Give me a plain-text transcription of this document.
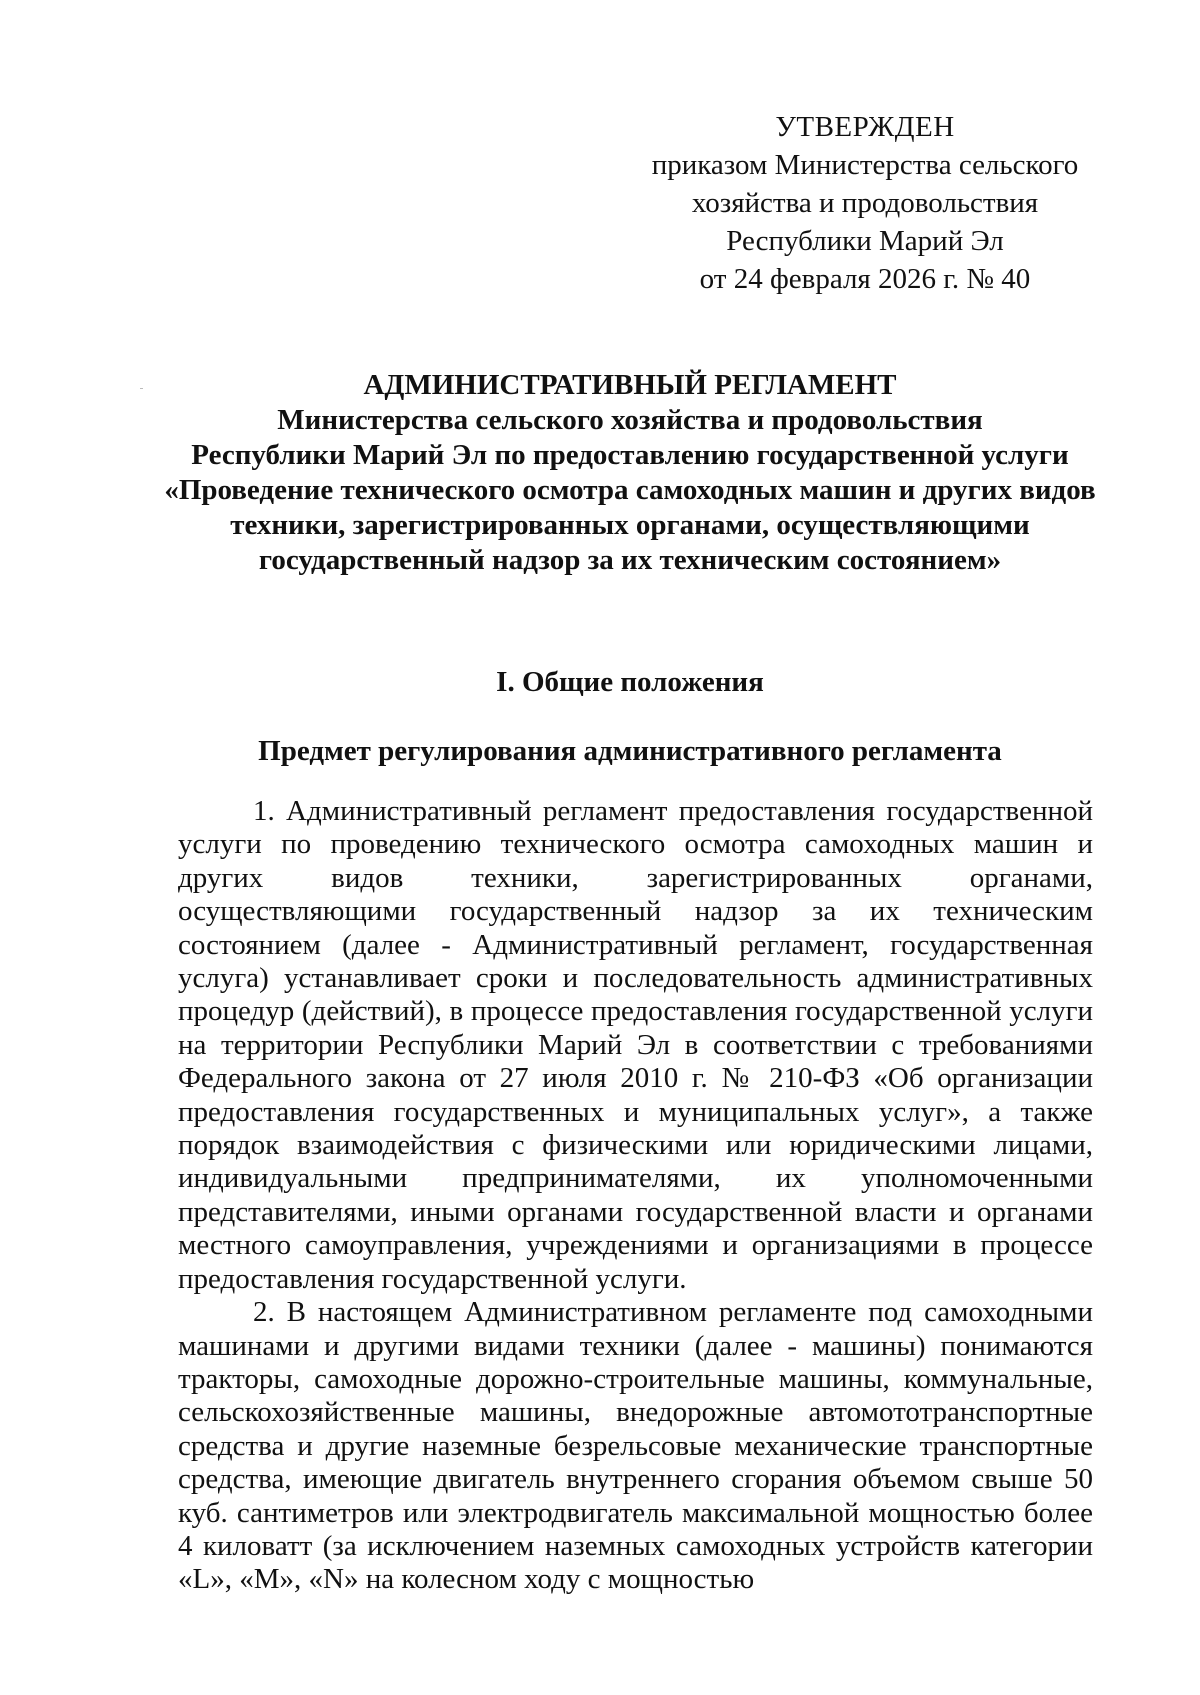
УТВЕРЖДЕН
приказом Министерства сельского
хозяйства и продовольствия
Республики Марий Эл
от 24 февраля 2026 г. № 40
АДМИНИСТРАТИВНЫЙ РЕГЛАМЕНТ
Министерства сельского хозяйства и продовольствия
Республики Марий Эл по предоставлению государственной услуги
«Проведение технического осмотра самоходных машин и других видов
техники, зарегистрированных органами, осуществляющими
государственный надзор за их техническим состоянием»
I. Общие положения
Предмет регулирования административного регламента

1. Административный регламент предоставления государственной услуги по проведению технического осмотра самоходных машин и других видов техники, зарегистрированных органами, осуществляющими государственный надзор за их техническим состоянием (далее - Административный регламент, государственная услуга) устанавливает сроки и последовательность административных процедур (действий), в процессе предоставления государственной услуги на территории Республики Марий Эл в соответствии с требованиями Федерального закона от 27 июля 2010 г. № 210-ФЗ «Об организации предоставления государственных и муниципальных услуг», а также порядок взаимодействия с физическими или юридическими лицами, индивидуальными предпринимателями, их уполномоченными представителями, иными органами государственной власти и органами местного самоуправления, учреждениями и организациями в процессе предоставления государственной услуги.

2. В настоящем Административном регламенте под самоходными машинами и другими видами техники (далее - машины) понимаются тракторы, самоходные дорожно-строительные машины, коммунальные, сельскохозяйственные машины, внедорожные автомототранспортные средства и другие наземные безрельсовые механические транспортные средства, имеющие двигатель внутреннего сгорания объемом свыше 50 куб. сантиметров или электродвигатель максимальной мощностью более 4 киловатт (за исключением наземных самоходных устройств категории «L», «M», «N» на колесном ходу с мощностью
